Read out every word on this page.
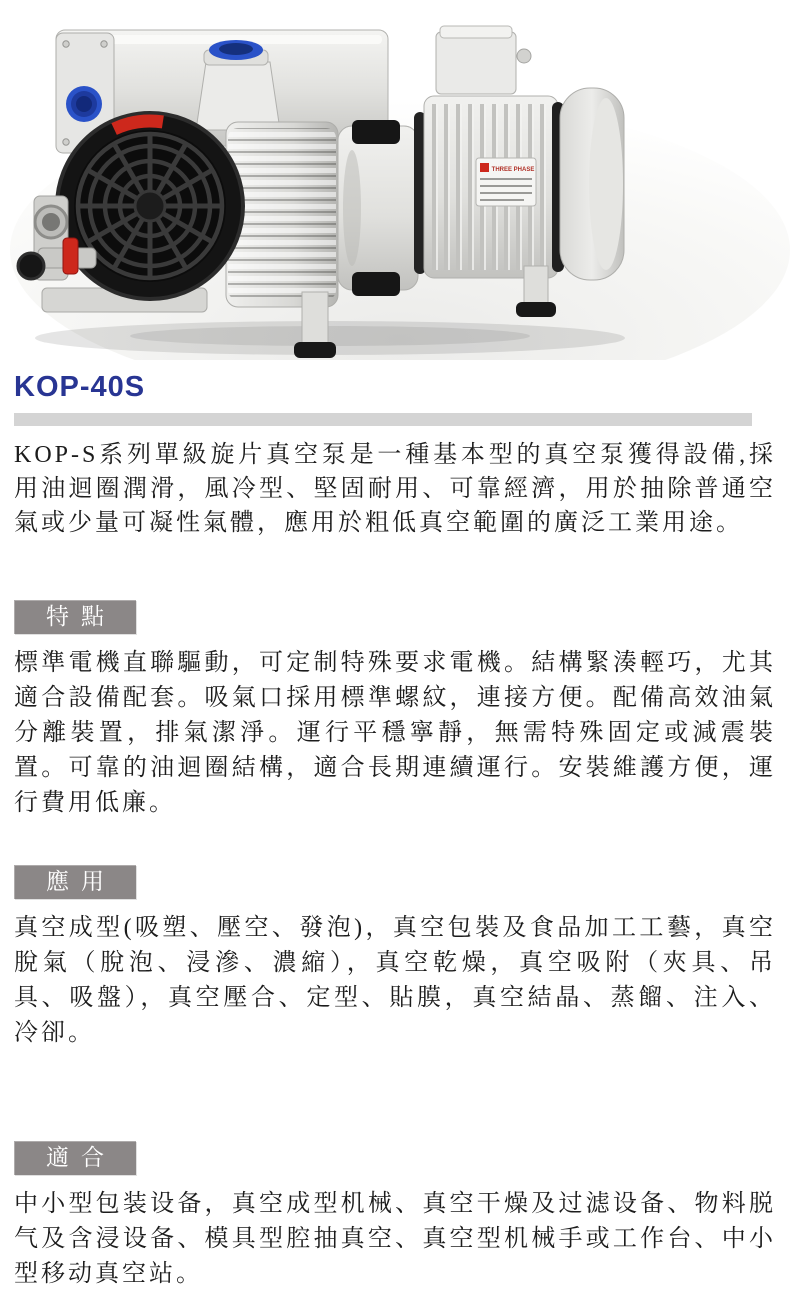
THREE PHASE
KOP-40S

KOP-S系列單級旋片真空泵是一種基本型的真空泵獲得設備,採用油迴圈潤滑，風冷型、堅固耐用、可靠經濟，用於抽除普通空氣或少量可凝性氣體，應用於粗低真空範圍的廣泛工業用途。

特點

標準電機直聯驅動，可定制特殊要求電機。結構緊湊輕巧，尤其適合設備配套。吸氣口採用標準螺紋，連接方便。配備高效油氣分離裝置，排氣潔淨。運行平穩寧靜，無需特殊固定或減震裝置。可靠的油迴圈結構，適合長期連續運行。安裝維護方便，運行費用低廉。

應用

真空成型(吸塑、壓空、發泡)，真空包裝及食品加工工藝，真空脫氣（脫泡、浸滲、濃縮），真空乾燥，真空吸附（夾具、吊具、吸盤），真空壓合、定型、貼膜，真空結晶、蒸餾、注入、冷卻。

適合

中小型包装设备，真空成型机械、真空干燥及过滤设备、物料脱气及含浸设备、模具型腔抽真空、真空型机械手或工作台、中小型移动真空站。
